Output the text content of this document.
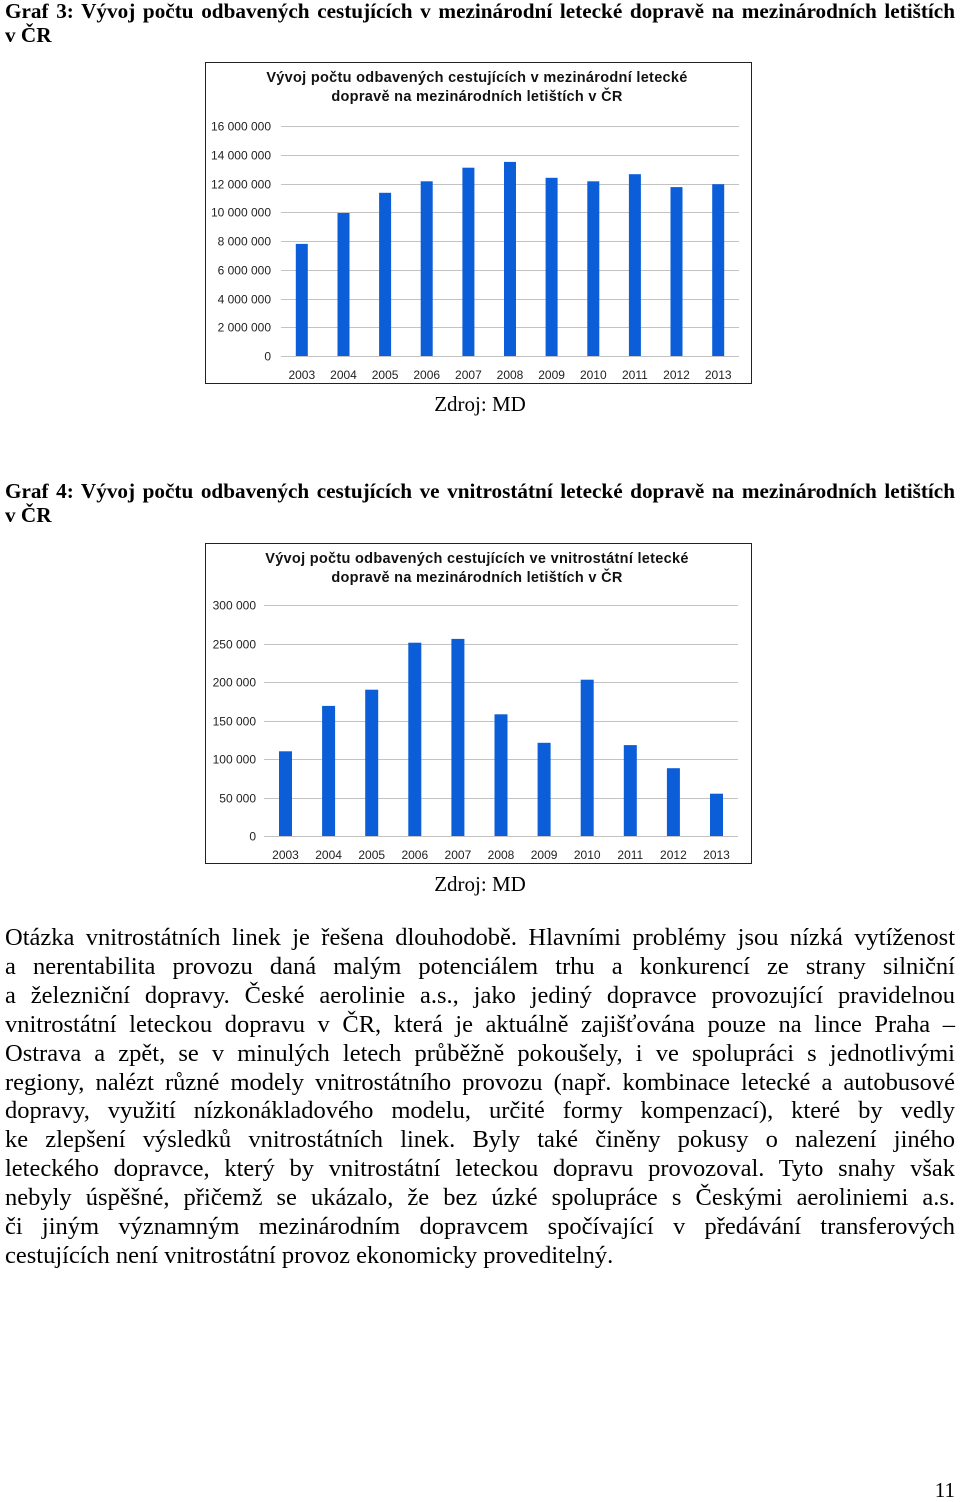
Graf 3: Vývoj počtu odbavených cestujících v mezinárodní letecké dopravě na mezinárodních letištích
v ČR
Vývoj počtu odbavených cestujících v mezinárodní letecké dopravě na mezinárodních letištích v ČR
0
2 000 000
4 000 000
6 000 000
8 000 000
10 000 000
12 000 000
14 000 000
16 000 000
2003 2004 2005 2006 2007 2008 2009 2010 2011 2012 2013
Zdroj: MD
Graf 4: Vývoj počtu odbavených cestujících ve vnitrostátní letecké dopravě na mezinárodních letištích
v ČR
Vývoj počtu odbavených cestujících ve vnitrostátní letecké dopravě na mezinárodních letištích v ČR
0
50 000
100 000
150 000
200 000
250 000
300 000
2003 2004 2005 2006 2007 2008 2009 2010 2011 2012 2013
Zdroj: MD
Otázka vnitrostátních linek je řešena dlouhodobě. Hlavními problémy jsou nízká vytíženost
a nerentabilita provozu daná malým potenciálem trhu a konkurencí ze strany silniční
a železniční dopravy. České aerolinie a.s., jako jediný dopravce provozující pravidelnou
vnitrostátní leteckou dopravu v ČR, která je aktuálně zajišťována pouze na lince Praha –
Ostrava a zpět, se v minulých letech průběžně pokoušely, i ve spolupráci s jednotlivými
regiony, nalézt různé modely vnitrostátního provozu (např. kombinace letecké a autobusové
dopravy, využití nízkonákladového modelu, určité formy kompenzací), které by vedly
ke zlepšení výsledků vnitrostátních linek. Byly také činěny pokusy o nalezení jiného
leteckého dopravce, který by vnitrostátní leteckou dopravu provozoval. Tyto snahy však
nebyly úspěšné, přičemž se ukázalo, že bez úzké spolupráce s Českými aeroliniemi a.s.
či jiným významným mezinárodním dopravcem spočívající v předávání transferových
cestujících není vnitrostátní provoz ekonomicky proveditelný.
11
